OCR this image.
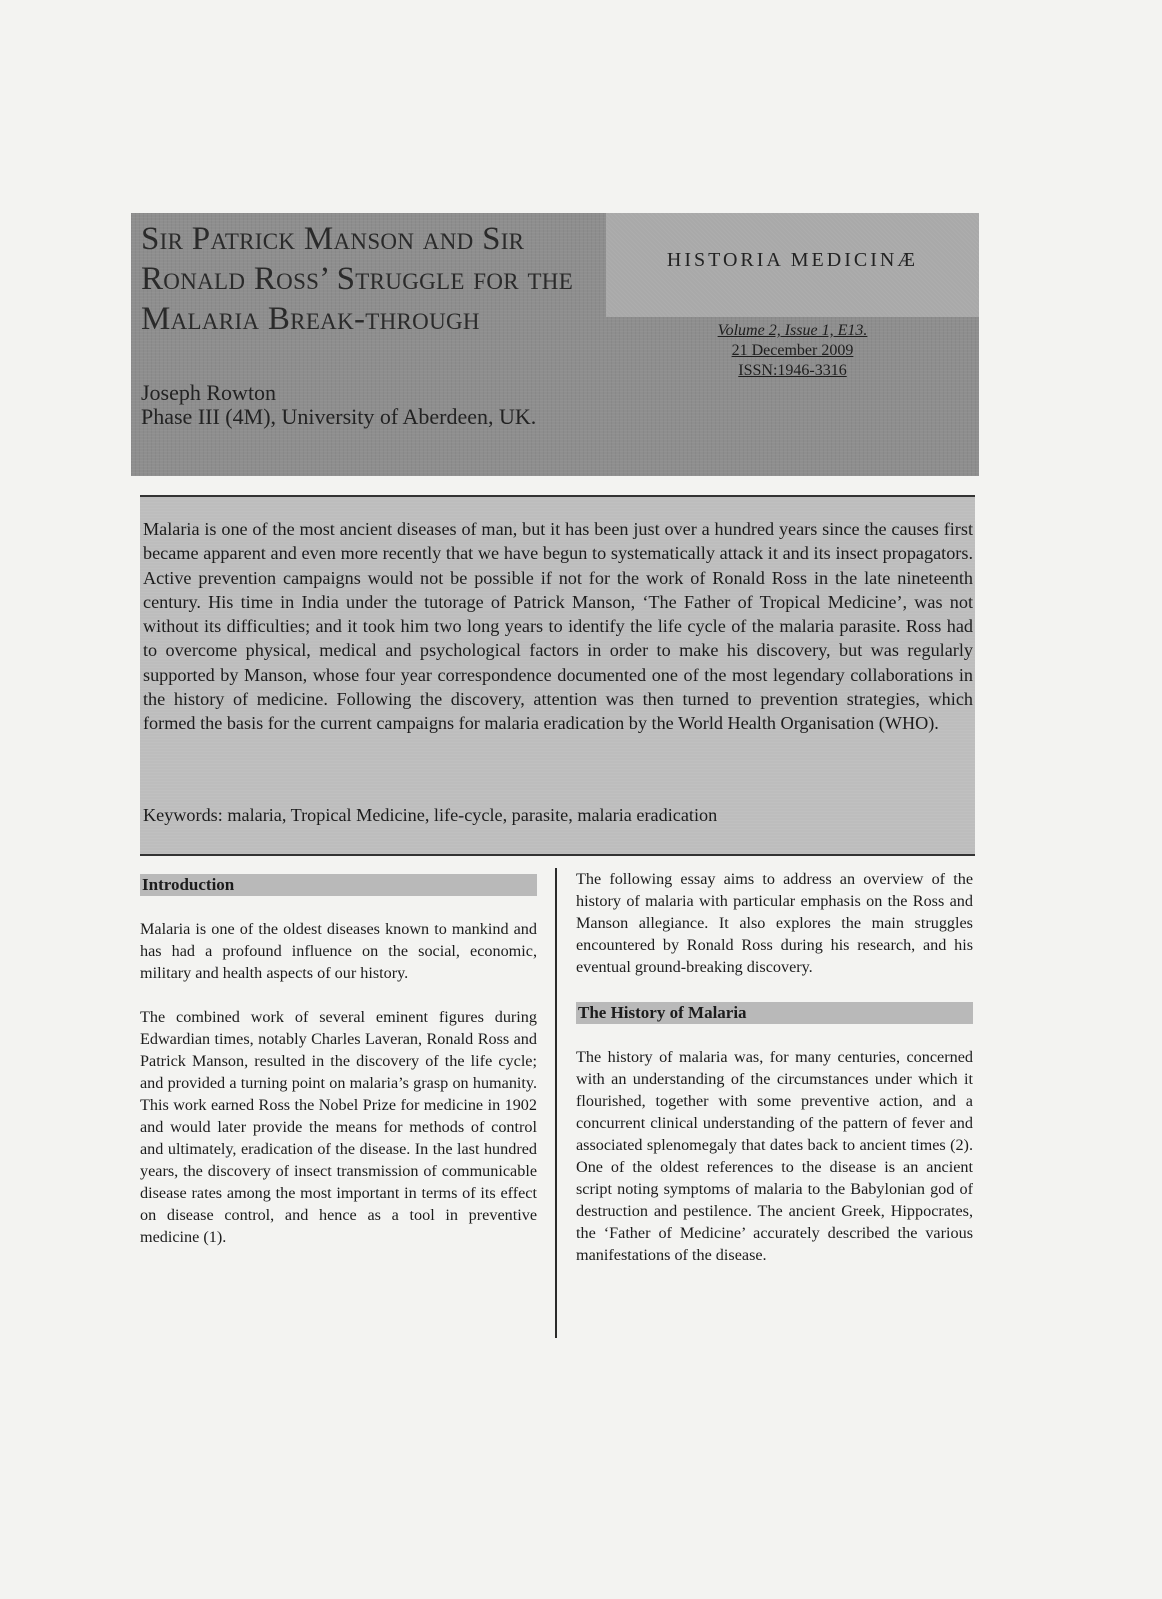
Sir Patrick Manson and Sir Ronald Ross’ Struggle for the Malaria Break-through
Joseph Rowton
Phase III (4M), University of Aberdeen, UK.
HISTORIA MEDICINÆ
Volume 2, Issue 1, E13.
21 December 2009
ISSN:1946-3316

Malaria is one of the most ancient diseases of man, but it has been just over a hundred years since the causes first became apparent and even more recently that we have begun to systematically attack it and its insect propagators. Active prevention campaigns would not be possible if not for the work of Ronald Ross in the late nineteenth century. His time in India under the tutorage of Patrick Manson, ‘The Father of Tropical Medicine’, was not without its difficulties; and it took him two long years to identify the life cycle of the malaria parasite. Ross had to overcome physical, medical and psychological factors in order to make his discovery, but was regularly supported by Manson, whose four year correspondence documented one of the most legendary collaborations in the history of medicine. Following the discovery, attention was then turned to prevention strategies, which formed the basis for the current campaigns for malaria eradication by the World Health Organisation (WHO).

Keywords: malaria, Tropical Medicine, life-cycle, parasite, malaria eradication

Introduction

Malaria is one of the oldest diseases known to mankind and has had a profound influence on the social, economic, military and health aspects of our history.

The combined work of several eminent figures during Edwardian times, notably Charles Laveran, Ronald Ross and Patrick Manson, resulted in the discovery of the life cycle; and provided a turning point on malaria’s grasp on humanity. This work earned Ross the Nobel Prize for medicine in 1902 and would later provide the means for methods of control and ultimately, eradication of the disease. In the last hundred years, the discovery of insect transmission of communicable disease rates among the most important in terms of its effect on disease control, and hence as a tool in preventive medicine (1).

The following essay aims to address an overview of the history of malaria with particular emphasis on the Ross and Manson allegiance. It also explores the main struggles encountered by Ronald Ross during his research, and his eventual ground-breaking discovery.

The History of Malaria

The history of malaria was, for many centuries, concerned with an understanding of the circumstances under which it flourished, together with some preventive action, and a concurrent clinical understanding of the pattern of fever and associated splenomegaly that dates back to ancient times (2). One of the oldest references to the disease is an ancient script noting symptoms of malaria to the Babylonian god of destruction and pestilence. The ancient Greek, Hippocrates, the ‘Father of Medicine’ accurately described the various manifestations of the disease.
